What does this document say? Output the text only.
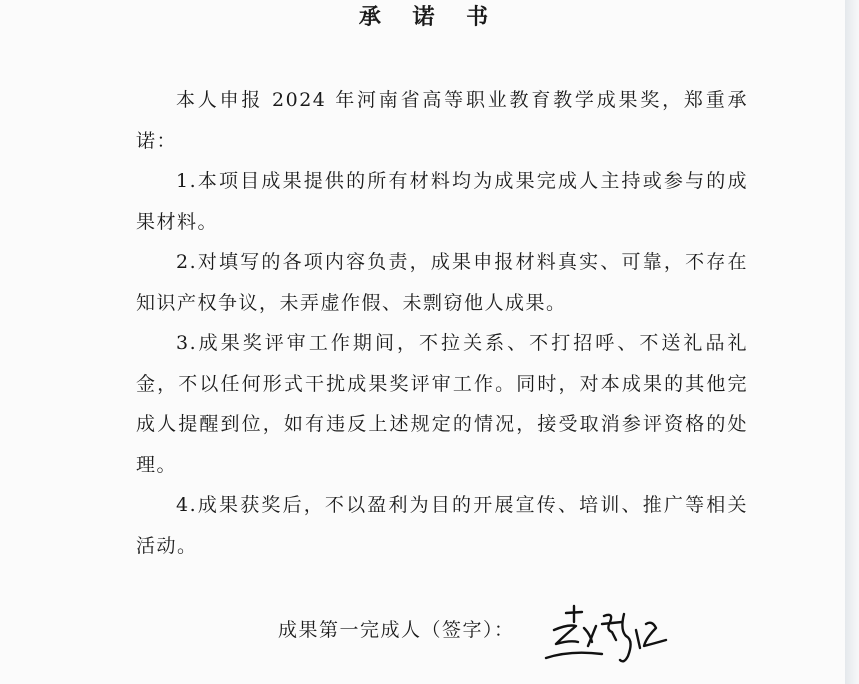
承 诺 书

本人申报 2024 年河南省高等职业教育教学成果奖，郑重承诺：

1.本项目成果提供的所有材料均为成果完成人主持或参与的成果材料。

2.对填写的各项内容负责，成果申报材料真实、可靠，不存在知识产权争议，未弄虚作假、未剽窃他人成果。

3.成果奖评审工作期间，不拉关系、不打招呼、不送礼品礼金，不以任何形式干扰成果奖评审工作。同时，对本成果的其他完成人提醒到位，如有违反上述规定的情况，接受取消参评资格的处理。

4.成果获奖后，不以盈利为目的开展宣传、培训、推广等相关活动。

成果第一完成人（签字）：
